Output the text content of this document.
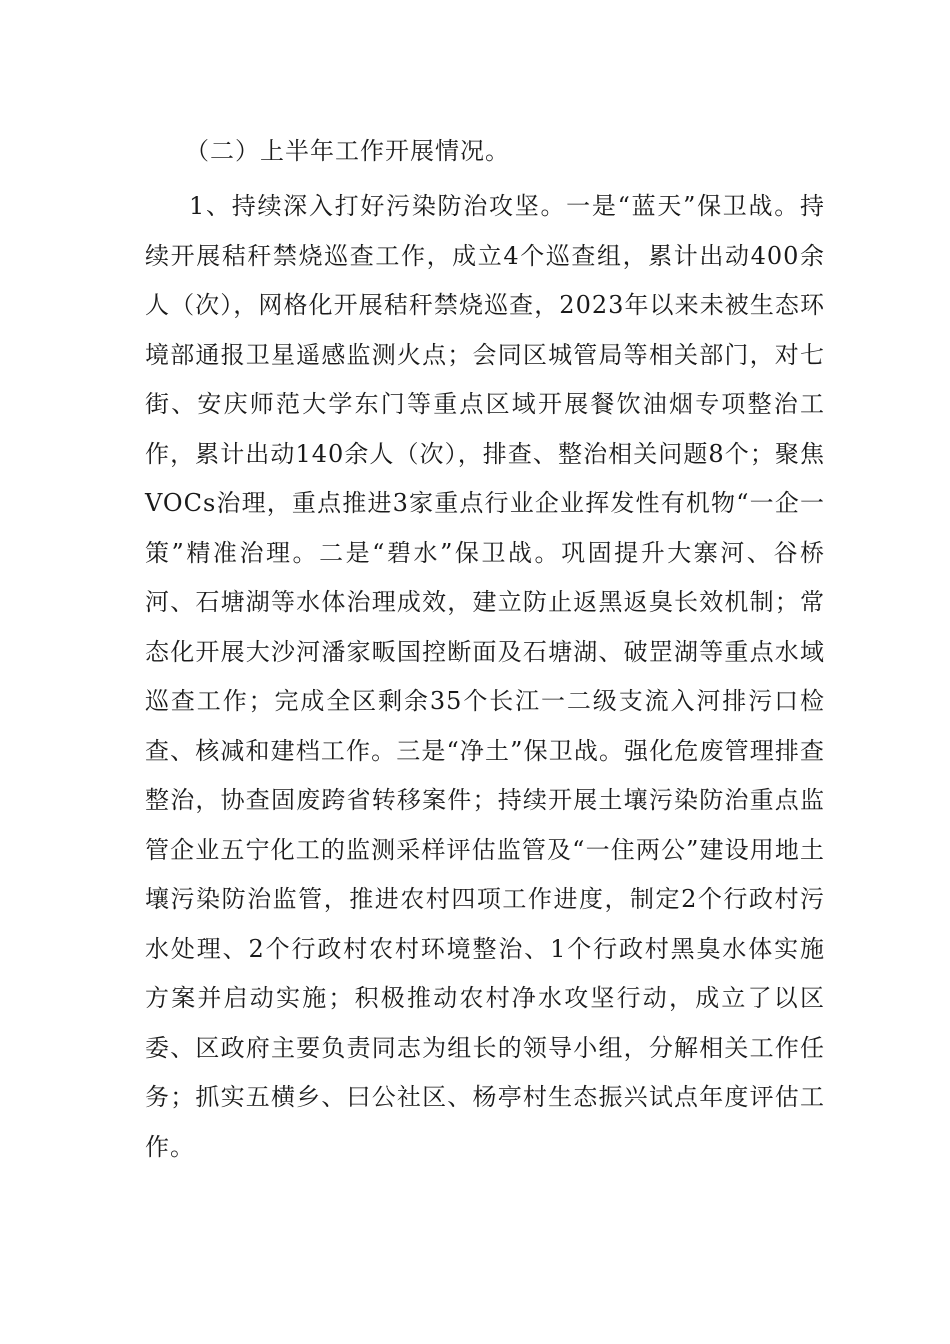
（二）上半年工作开展情况。

1、持续深入打好污染防治攻坚。一是“蓝天”保卫战。持续开展秸秆禁烧巡查工作，成立4个巡查组，累计出动400余人（次），网格化开展秸秆禁烧巡查，2023年以来未被生态环境部通报卫星遥感监测火点；会同区城管局等相关部门，对七街、安庆师范大学东门等重点区域开展餐饮油烟专项整治工作，累计出动140余人（次），排查、整治相关问题8个；聚焦VOCs治理，重点推进3家重点行业企业挥发性有机物“一企一策”精准治理。二是“碧水”保卫战。巩固提升大寨河、谷桥河、石塘湖等水体治理成效，建立防止返黑返臭长效机制；常态化开展大沙河潘家畈国控断面及石塘湖、破罡湖等重点水域巡查工作；完成全区剩余35个长江一二级支流入河排污口检查、核减和建档工作。三是“净土”保卫战。强化危废管理排查整治，协查固废跨省转移案件；持续开展土壤污染防治重点监管企业五宁化工的监测采样评估监管及“一住两公”建设用地土壤污染防治监管，推进农村四项工作进度，制定2个行政村污水处理、2个行政村农村环境整治、1个行政村黑臭水体实施方案并启动实施；积极推动农村净水攻坚行动，成立了以区委、区政府主要负责同志为组长的领导小组，分解相关工作任务；抓实五横乡、曰公社区、杨亭村生态振兴试点年度评估工作。
